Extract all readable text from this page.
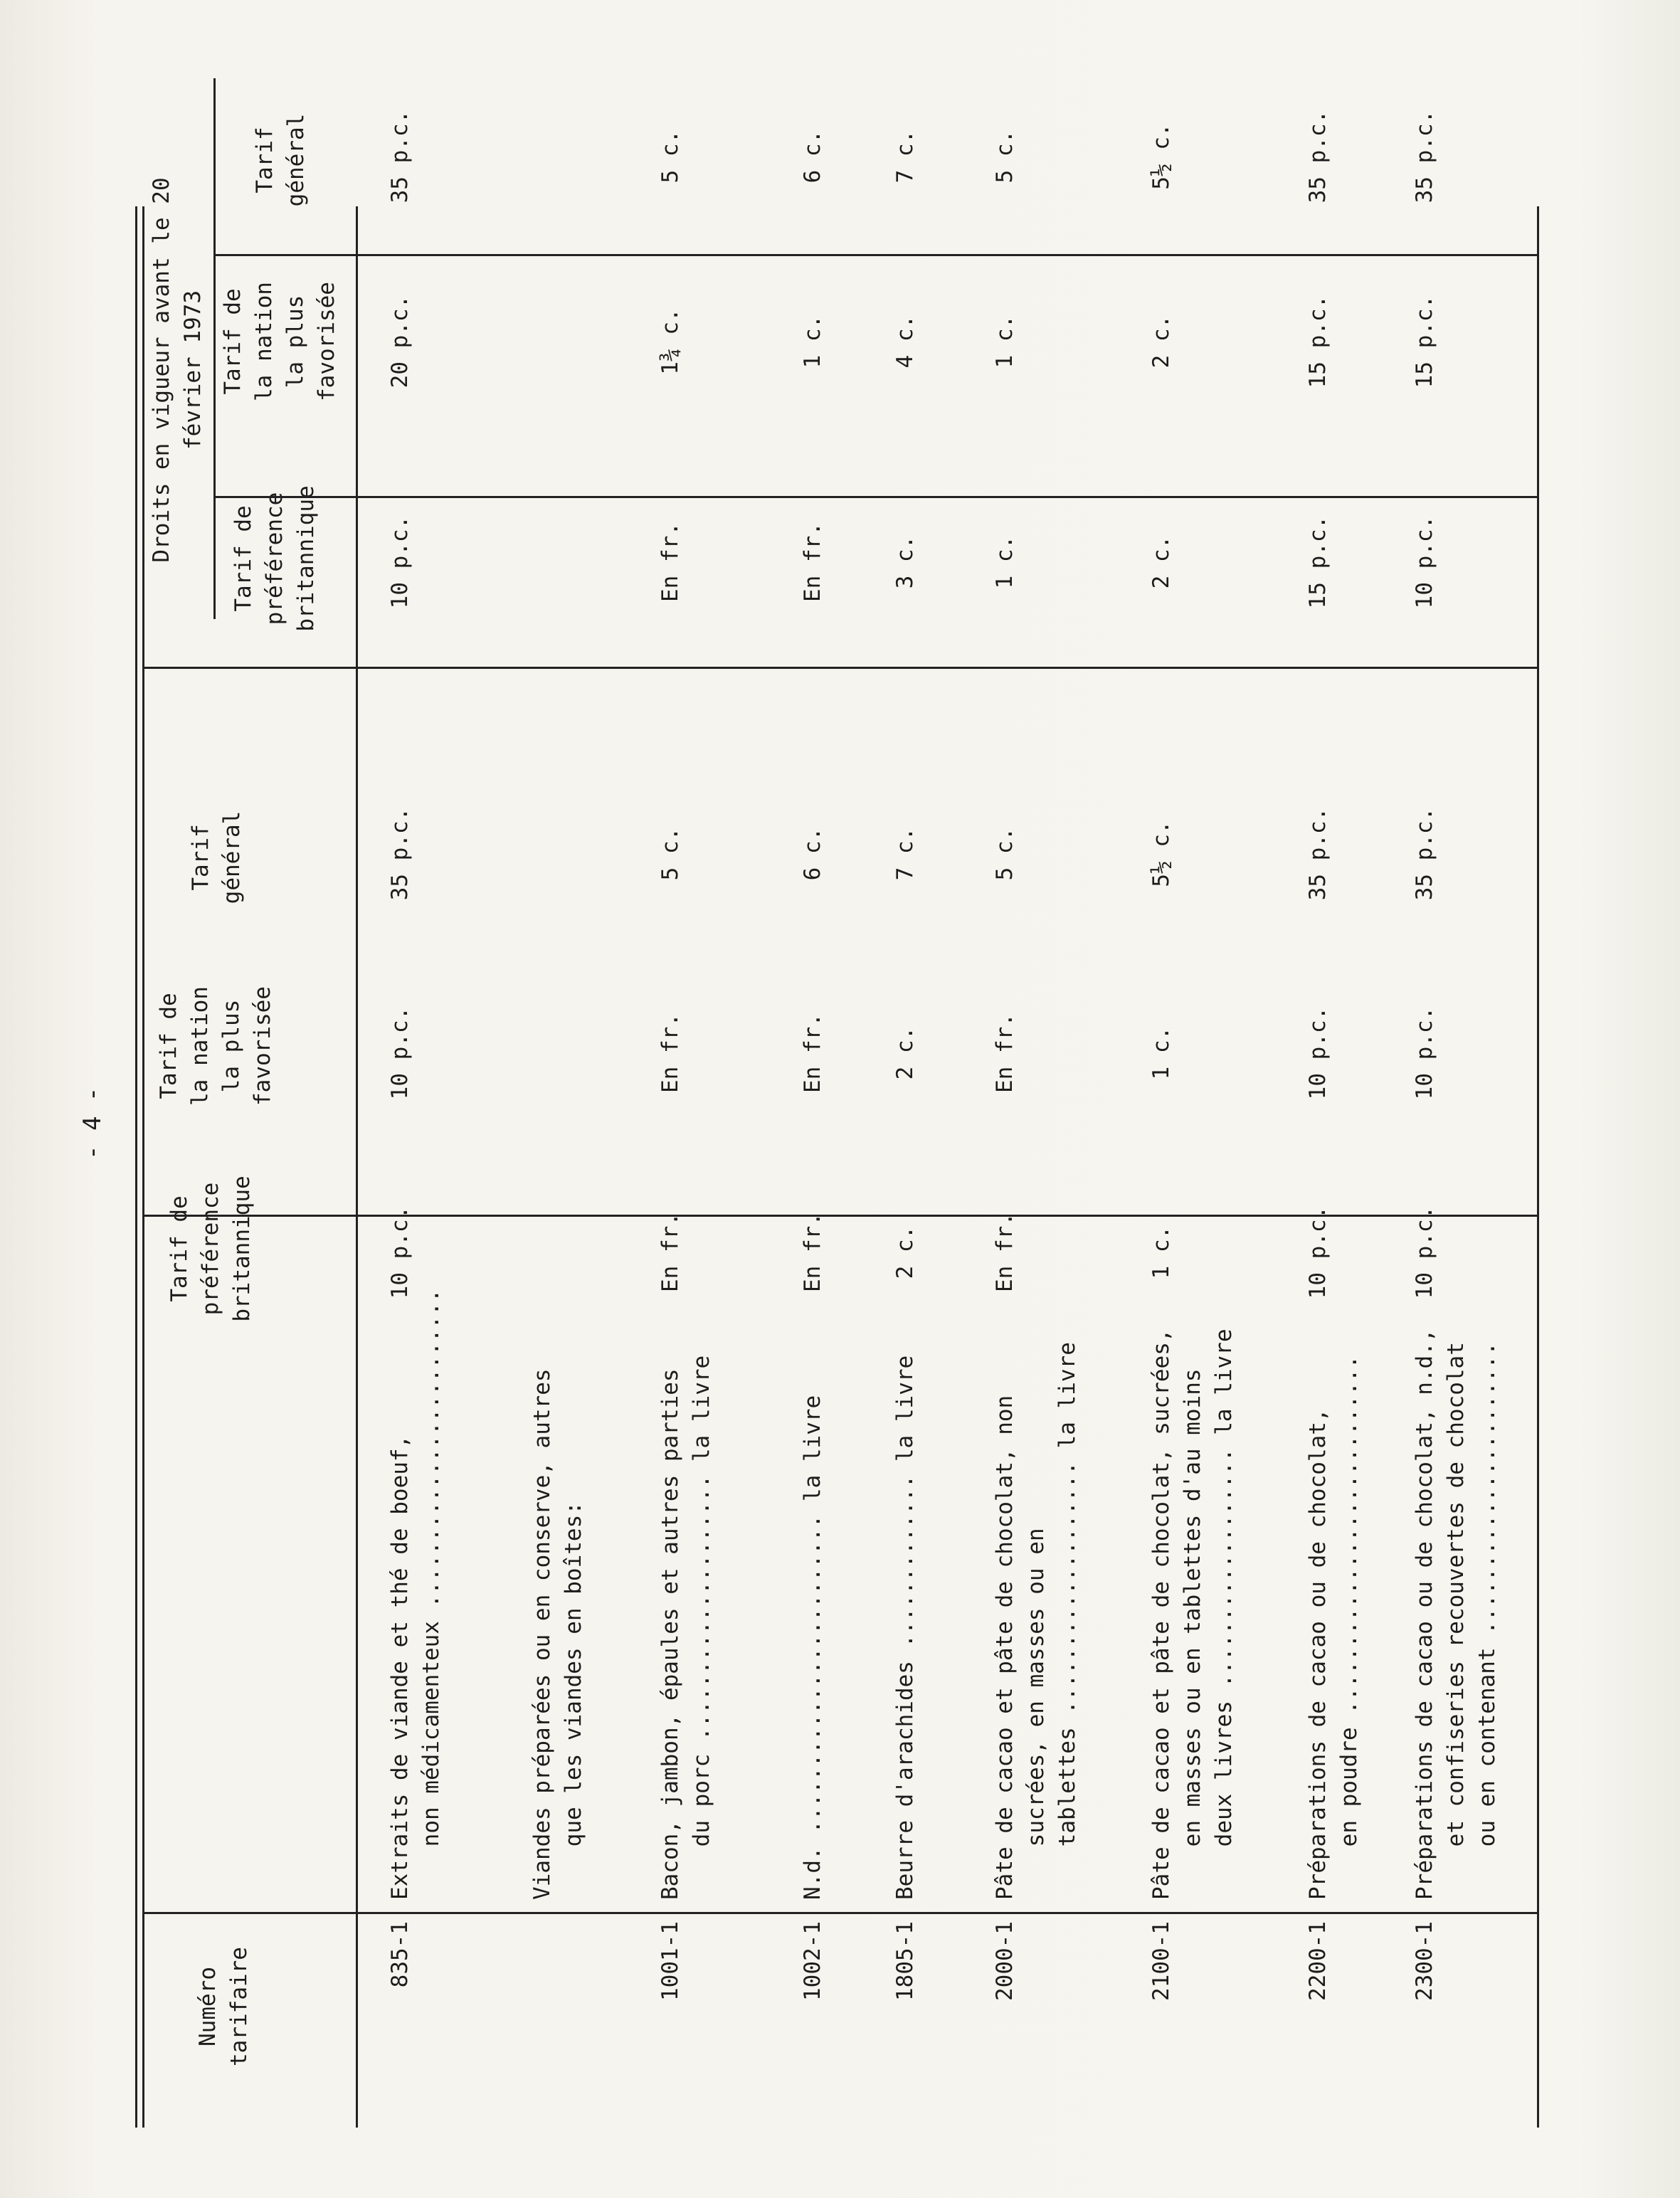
- 4 -
Numéro
tarifaire
Tarif de
préférence
britannique
Tarif de
la nation
la plus
favorisée
Tarif
général
Droits en vigueur avant le 20
février 1973
Tarif de
préférence
britannique
Tarif de
la nation
la plus
favorisée
Tarif
général
835-1
Extraits de viande et thé de boeuf,
non médicamenteux ........................
10 p.c.
10 p.c.
35 p.c.
10 p.c.
20 p.c.
35 p.c.
Viandes préparées ou en conserve, autres
que les viandes en boîtes:
1001-1
Bacon, jambon, épaules et autres parties
du porc .................... la livre
En fr.
En fr.
5 c.
En fr.
1¾ c.
5 c.
1002-1
N.d. ........................ la livre
En fr.
En fr.
6 c.
En fr.
1 c.
6 c.
1805-1
Beurre d'arachides ............. la livre
2 c.
2 c.
7 c.
3 c.
4 c.
7 c.
2000-1
Pâte de cacao et pâte de chocolat, non
sucrées, en masses ou en
tablettes ................... la livre
En fr.
En fr.
5 c.
1 c.
1 c.
5 c.
2100-1
Pâte de cacao et pâte de chocolat, sucrées,
en masses ou en tablettes d'au moins
deux livres .................. la livre
1 c.
1 c.
5½ c.
2 c.
2 c.
5½ c.
2200-1
Préparations de cacao ou de chocolat,
en poudre ...........................
10 p.c.
10 p.c.
35 p.c.
15 p.c.
15 p.c.
35 p.c.
2300-1
Préparations de cacao ou de chocolat, n.d.,
et confiseries recouvertes de chocolat
ou en contenant ......................
10 p.c.
10 p.c.
35 p.c.
10 p.c.
15 p.c.
35 p.c.
